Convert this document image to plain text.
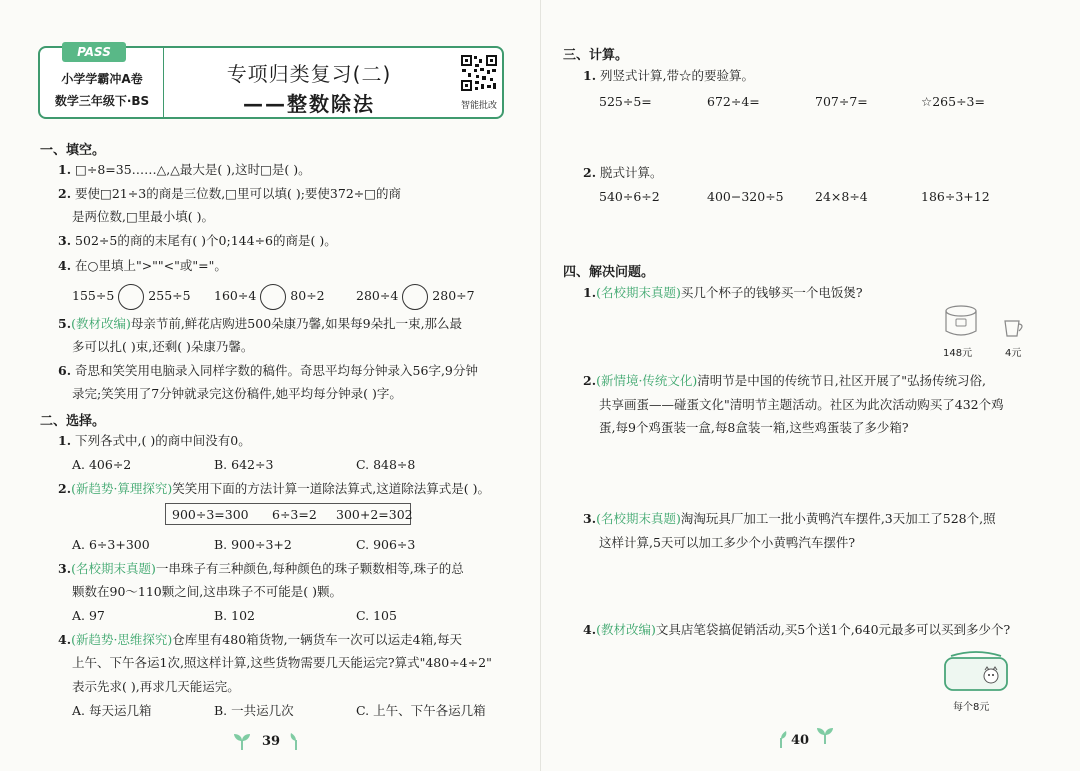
PASS
小学学霸冲A卷
数学三年级下·BS
专项归类复习(二)
——整数除法	智能批改
一、填空。
1. □÷8=35……△,△最大是( ),这时□是( )。
2. 要使□21÷3的商是三位数,□里可以填( );要使372÷□的商
是两位数,□里最小填( )。
3. 502÷5的商的末尾有( )个0;144÷6的商是( )。
4. 在○里填上">""<"或"="。
155÷5	255÷5 160÷4	80÷2	280÷4	280÷7
5.(教材改编)母亲节前,鲜花店购进500朵康乃馨,如果每9朵扎一束,那么最
多可以扎( )束,还剩( )朵康乃馨。
6. 奇思和笑笑用电脑录入同样字数的稿件。奇思平均每分钟录入56字,9分钟
录完;笑笑用了7分钟就录完这份稿件,她平均每分钟录( )字。
二、选择。
1. 下列各式中,( )的商中间没有0。
A. 406÷2	B. 642÷3	C. 848÷8
2.(新趋势·算理探究)笑笑用下面的方法计算一道除法算式,这道除法算式是( )。
900÷3=300 6÷3=2 300+2=302
A. 6÷3+300	B. 900÷3+2	C. 906÷3
3.(名校期末真题)一串珠子有三种颜色,每种颜色的珠子颗数相等,珠子的总
颗数在90～110颗之间,这串珠子不可能是( )颗。
A. 97	B. 102	C. 105
4.(新趋势·思维探究)仓库里有480箱货物,一辆货车一次可以运走4箱,每天
上午、下午各运1次,照这样计算,这些货物需要几天能运完?算式"480÷4÷2"
表示先求( ),再求几天能运完。
A. 每天运几箱	B. 一共运几次	C. 上午、下午各运几箱
39
三、计算。
1. 列竖式计算,带☆的要验算。
525÷5=	672÷4=	707÷7=	☆265÷3=
2. 脱式计算。
540÷6÷2	400−320÷5	24×8÷4	186÷3+12
四、解决问题。
1.(名校期末真题)买几个杯子的钱够买一个电饭煲?
148元	4元
2.(新情境·传统文化)清明节是中国的传统节日,社区开展了"弘扬传统习俗,
共享画蛋——碰蛋文化"清明节主题活动。社区为此次活动购买了432个鸡
蛋,每9个鸡蛋装一盒,每8盒装一箱,这些鸡蛋装了多少箱?
3.(名校期末真题)淘淘玩具厂加工一批小黄鸭汽车摆件,3天加工了528个,照
这样计算,5天可以加工多少个小黄鸭汽车摆件?
4.(教材改编)文具店笔袋搞促销活动,买5个送1个,640元最多可以买到多少个?
每个8元
40
